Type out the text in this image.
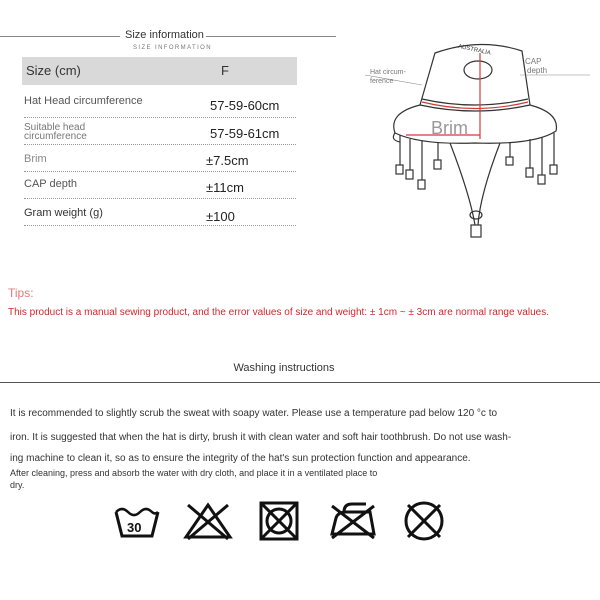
Size information
SIZE INFORMATION
Size (cm)	F
Hat Head circumference	57-59-60cm
Suitable head
circumference	57-59-61cm
Brim	±7.5cm
CAP depth	±11cm
Gram weight (g)	±100
AUSTRALIA
Hat circum-
ference
CAP
depth
Brim
Tips:
This product is a manual sewing product, and the error values of size and weight: ± 1cm ~ ± 3cm are normal range values.
Washing instructions
It is recommended to slightly scrub the sweat with soapy water. Please use a temperature pad below 120 °c to
iron. It is suggested that when the hat is dirty, brush it with clean water and soft hair toothbrush. Do not use wash-
ing machine to clean it, so as to ensure the integrity of the hat's sun protection function and appearance.
After cleaning, press and absorb the water with dry cloth, and place it in a ventilated place to
dry.
30
